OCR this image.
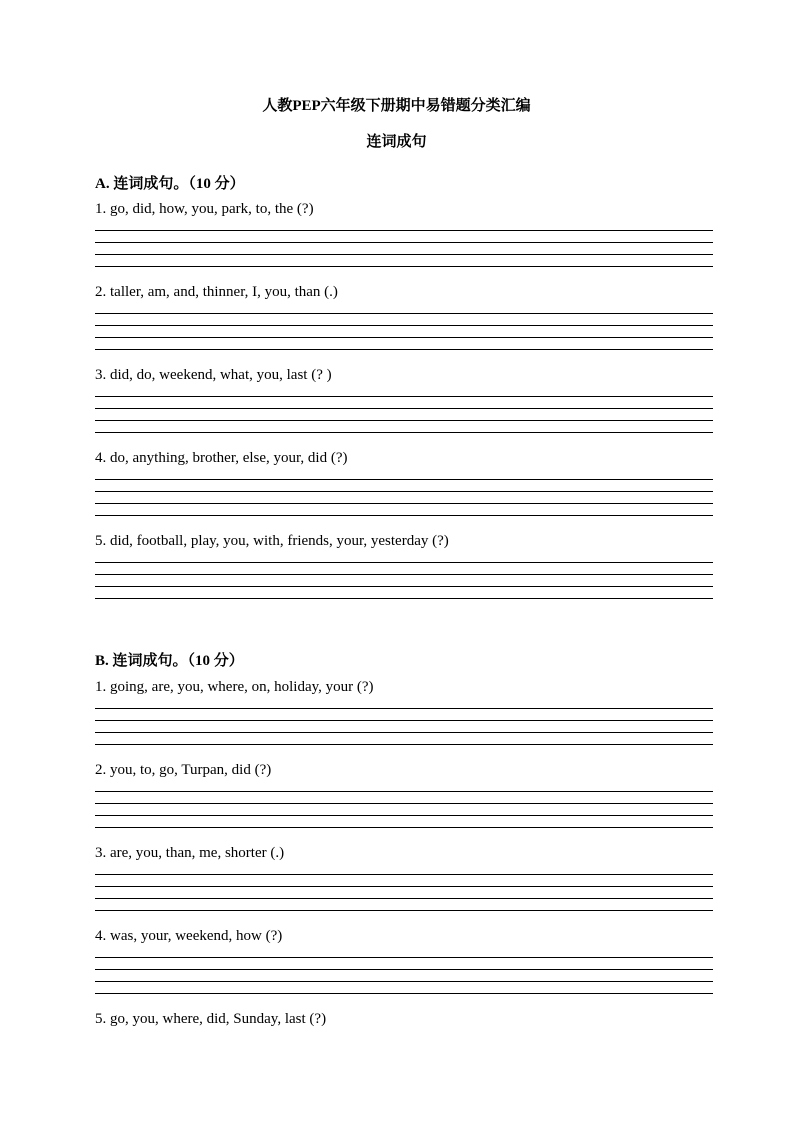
人教PEP六年级下册期中易错题分类汇编
连词成句
A. 连词成句。（10 分）
1. go, did, how, you, park, to, the (?)
2. taller, am, and, thinner, I, you, than (.)
3. did, do, weekend, what, you, last (? )
4. do, anything, brother, else, your, did (?)
5. did, football, play, you, with, friends, your, yesterday (?)
B. 连词成句。（10 分）
1. going, are, you, where, on, holiday, your (?)
2. you, to, go, Turpan, did (?)
3. are, you, than, me, shorter (.)
4. was, your, weekend, how (?)
5. go, you, where, did, Sunday, last (?)
